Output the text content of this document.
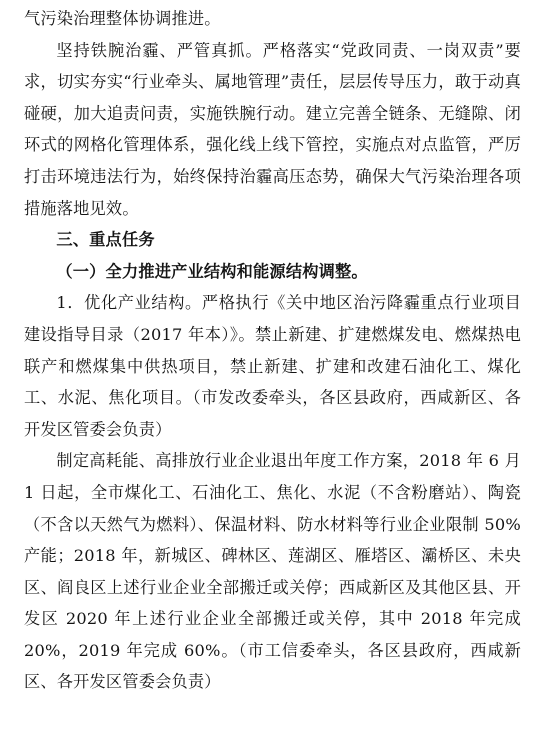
气污染治理整体协调推进。

坚持铁腕治霾、严管真抓。严格落实“党政同责、一岗双责”要求，切实夯实“行业牵头、属地管理”责任，层层传导压力，敢于动真碰硬，加大追责问责，实施铁腕行动。建立完善全链条、无缝隙、闭环式的网格化管理体系，强化线上线下管控，实施点对点监管，严厉打击环境违法行为，始终保持治霾高压态势，确保大气污染治理各项措施落地见效。

三、重点任务

（一）全力推进产业结构和能源结构调整。

1．优化产业结构。严格执行《关中地区治污降霾重点行业项目建设指导目录（2017 年本）》。禁止新建、扩建燃煤发电、燃煤热电联产和燃煤集中供热项目，禁止新建、扩建和改建石油化工、煤化工、水泥、焦化项目。（市发改委牵头，各区县政府，西咸新区、各开发区管委会负责）

制定高耗能、高排放行业企业退出年度工作方案，2018 年 6 月 1 日起，全市煤化工、石油化工、焦化、水泥（不含粉磨站）、陶瓷（不含以天然气为燃料）、保温材料、防水材料等行业企业限制 50%产能；2018 年，新城区、碑林区、莲湖区、雁塔区、灞桥区、未央区、阎良区上述行业企业全部搬迁或关停；西咸新区及其他区县、开发区 2020 年上述行业企业全部搬迁或关停，其中 2018 年完成 20%，2019 年完成 60%。（市工信委牵头，各区县政府，西咸新区、各开发区管委会负责）
